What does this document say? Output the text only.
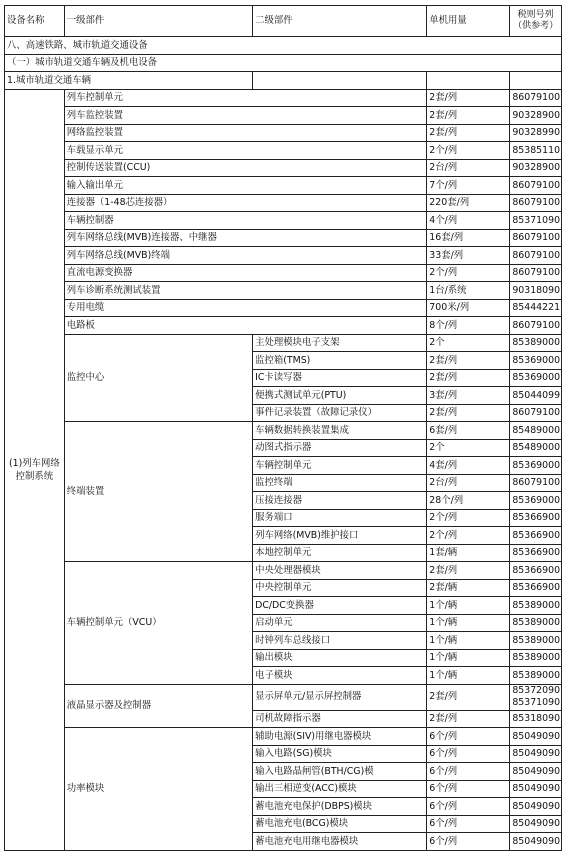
设备名称	一级部件	二级部件	单机用量	税则号列
（供参考）
八、高速铁路、城市轨道交通设备				
（一）城市轨道交通车辆及机电设备				
1.城市轨道交通车辆				
(1)列车网络控制系统	列车控制单元		2套/列	86079100
	列车监控装置		2套/列	90328900
	网络监控装置		2套/列	90328990
	车载显示单元		2个/列	85385110
	控制传送装置(CCU)		2台/列	90328900
	输入输出单元		7个/列	86079100
	连接器（1-48芯连接器）		220套/列	86079100
	车辆控制器		4个/列	85371090
	列车网络总线(MVB)连接器、中继器		16套/列	86079100
	列车网络总线(MVB)终端		33套/列	86079100
	直流电源变换器		2个/列	86079100
	列车诊断系统测试装置		1台/系统	90318090
	专用电缆		700米/列	85444221
	电路板		8个/列	86079100
	监控中心	主处理模块电子支架	2个	85389000
		监控箱(TMS)	2套/列	85369000
		IC卡读写器	2套/列	85369000
		便携式测试单元(PTU)	3套/列	85044099
		事件记录装置（故障记录仪）	2套/列	86079100
	终端装置	车辆数据转换装置集成	6套/列	85489000
		动图式指示器	2个	85489000
		车辆控制单元	4套/列	85369000
		监控终端	2台/列	86079100
		压接连接器	28个/列	85369000
		服务端口	2个/列	85366900
		列车网络(MVB)维护接口	2个/列	85366900
		本地控制单元	1套/辆	85366900
	车辆控制单元（VCU）	中央处理器模块	2套/列	85366900
		中央控制单元	2套/辆	85366900
		DC/DC变换器	1个/辆	85389000
		启动单元	1个/辆	85389000
		时钟列车总线接口	1个/辆	85389000
		输出模块	1个/辆	85389000
		电子模块	1个/辆	85389000
	液晶显示器及控制器	显示屏单元/显示屏控制器	2套/列	85372090
85371090
		司机故障指示器	2套/列	85318090
	功率模块	辅助电源(SIV)用继电器模块	6个/列	85049090
		输入电路(SG)模块	6个/列	85049090
		输入电路晶闸管(BTH/CG)模	6个/列	85049090
		输出三相逆变(ACC)模块	6个/列	85049090
		蓄电池充电保护(DBPS)模块	6个/列	85049090
		蓄电池充电(BCG)模块	6个/列	85049090
		蓄电池充电用继电器模块	6个/列	85049090
